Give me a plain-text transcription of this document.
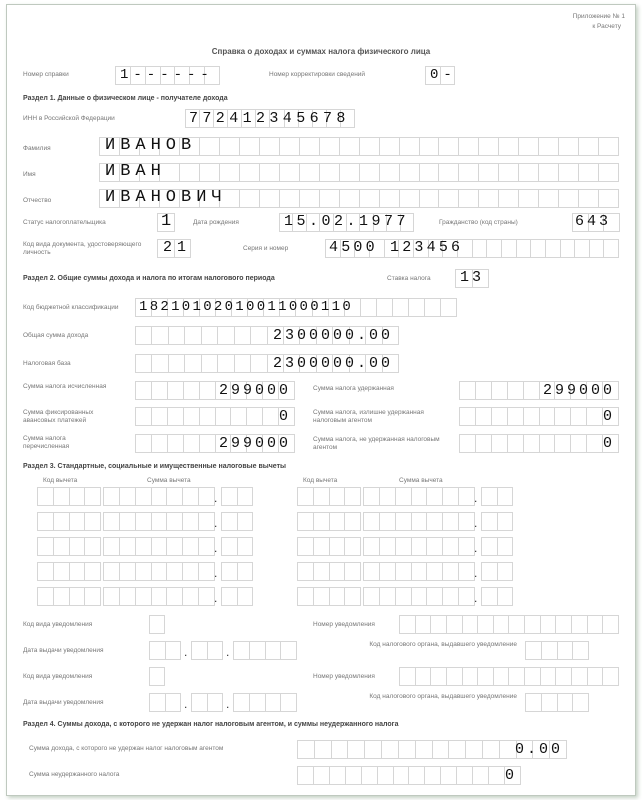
Приложение № 1
к Расчету
Справка о доходах и суммах налога физического лица
Номер справки	1------	Номер корректировки сведений	0-
Раздел 1. Данные о физическом лице - получателе дохода
ИНН в Российской Федерации	772412345678
Фамилия	ИВАНОВ
Имя	ИВАН
Отчество	ИВАНОВИЧ
Статус налогоплательщика	1	Дата рождения	15.02.1977	Гражданство (код страны)	643
Код вида документа, удостоверяющего личность	21	Серия и номер	4500 123456
Раздел 2. Общие суммы дохода и налога по итогам налогового периода	Ставка налога 13
Код бюджетной классификации 18210102010011000110
Общая сумма дохода	2300000.00
Налоговая база	2300000.00
Сумма налога исчисленная	299000	Сумма налога удержанная	299000
Сумма фиксированных авансовых платежей	0	Сумма налога, излишне удержанная налоговым агентом	0
Сумма налога перечисленная	299000	Сумма налога, не удержанная налоговым агентом	0
Раздел 3. Стандартные, социальные и имущественные налоговые вычеты
Код вычета	Сумма вычета	Код вычета	Сумма вычета
.	.
.	.
.	.
.	.
.	.
Код вида уведомления	Номер уведомления
Дата выдачи уведомления	.	.
Код налогового органа, выдавшего уведомление
Код вида уведомления	Номер уведомления
Дата выдачи уведомления	.	.
Код налогового органа, выдавшего уведомление
Раздел 4. Суммы дохода, с которого не удержан налог налоговым агентом, и суммы неудержанного налога
Сумма дохода, с которого не удержан налог налоговым агентом	0.00
Сумма неудержанного налога	0
